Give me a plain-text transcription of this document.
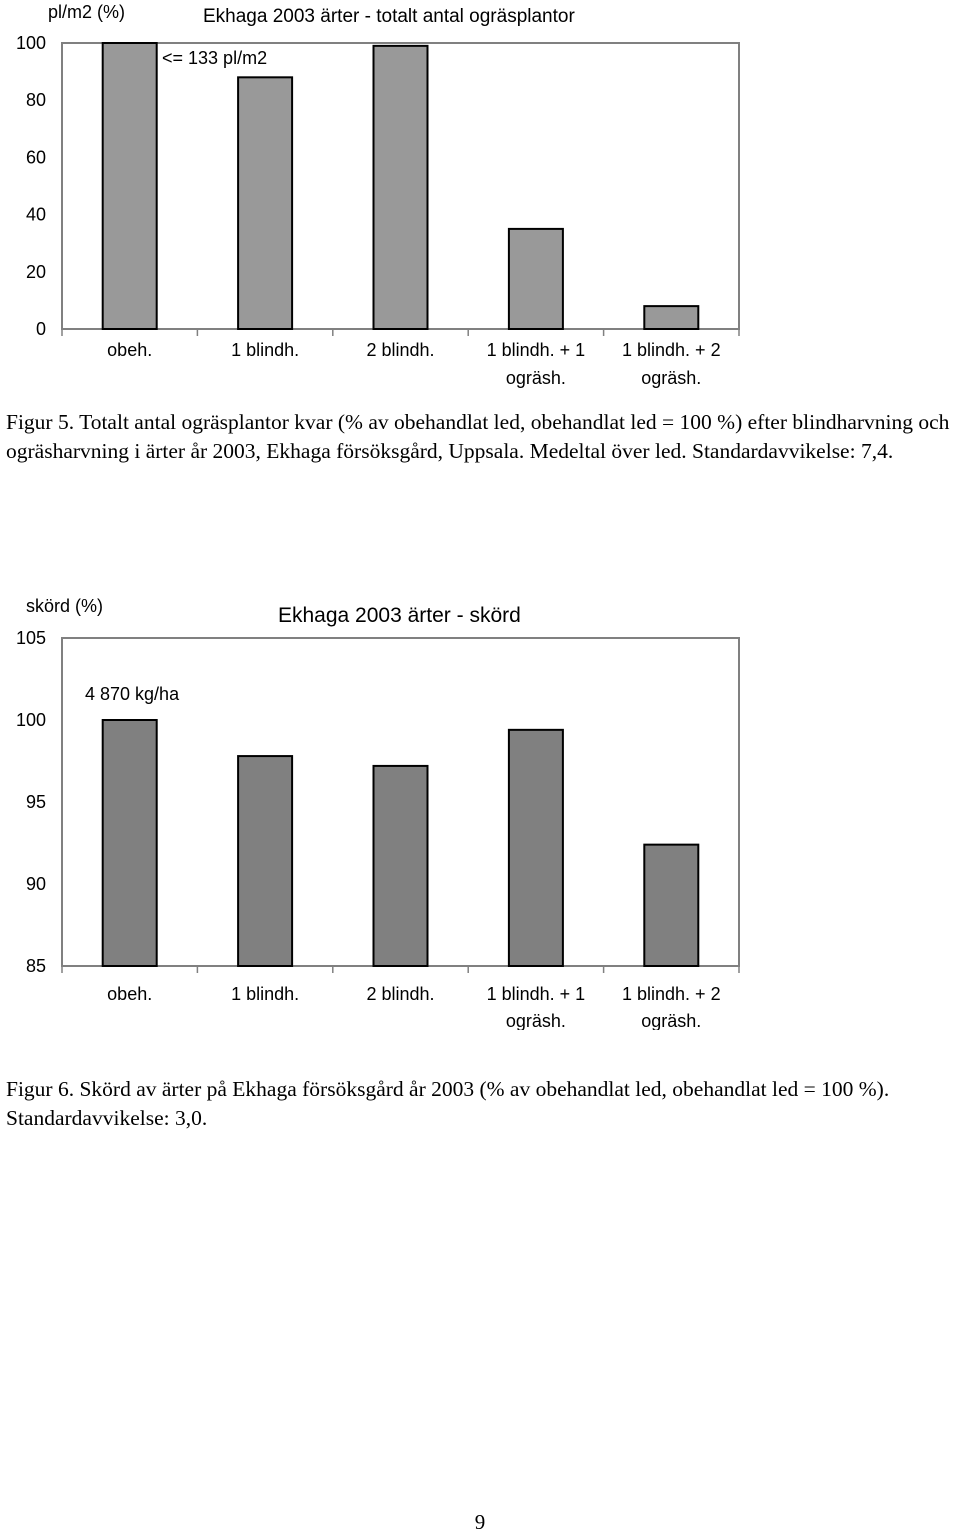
pl/m2 (%)	Ekhaga 2003 ärter - totalt antal ogräsplantor
<= 133 pl/m2
0
20
40
60
80
100
obeh.	1 blindh.	2 blindh.	1 blindh. + 1
ogräsh.
1 blindh. + 2
ogräsh.
Figur 5. Totalt antal ogräsplantor kvar (% av obehandlat led, obehandlat led = 100 %) efter blindharvning och ogräsharvning i ärter år 2003, Ekhaga försöksgård, Uppsala. Medeltal över led. Standardavvikelse: 7,4.
skörd (%)	Ekhaga 2003 ärter - skörd
4 870 kg/ha
85
90
95
100
105
obeh.	1 blindh.	2 blindh.	1 blindh. + 1
ogräsh.
1 blindh. + 2
ogräsh.
Figur 6. Skörd av ärter på Ekhaga försöksgård år 2003 (% av obehandlat led, obehandlat led = 100 %). Standardavvikelse: 3,0.
9
